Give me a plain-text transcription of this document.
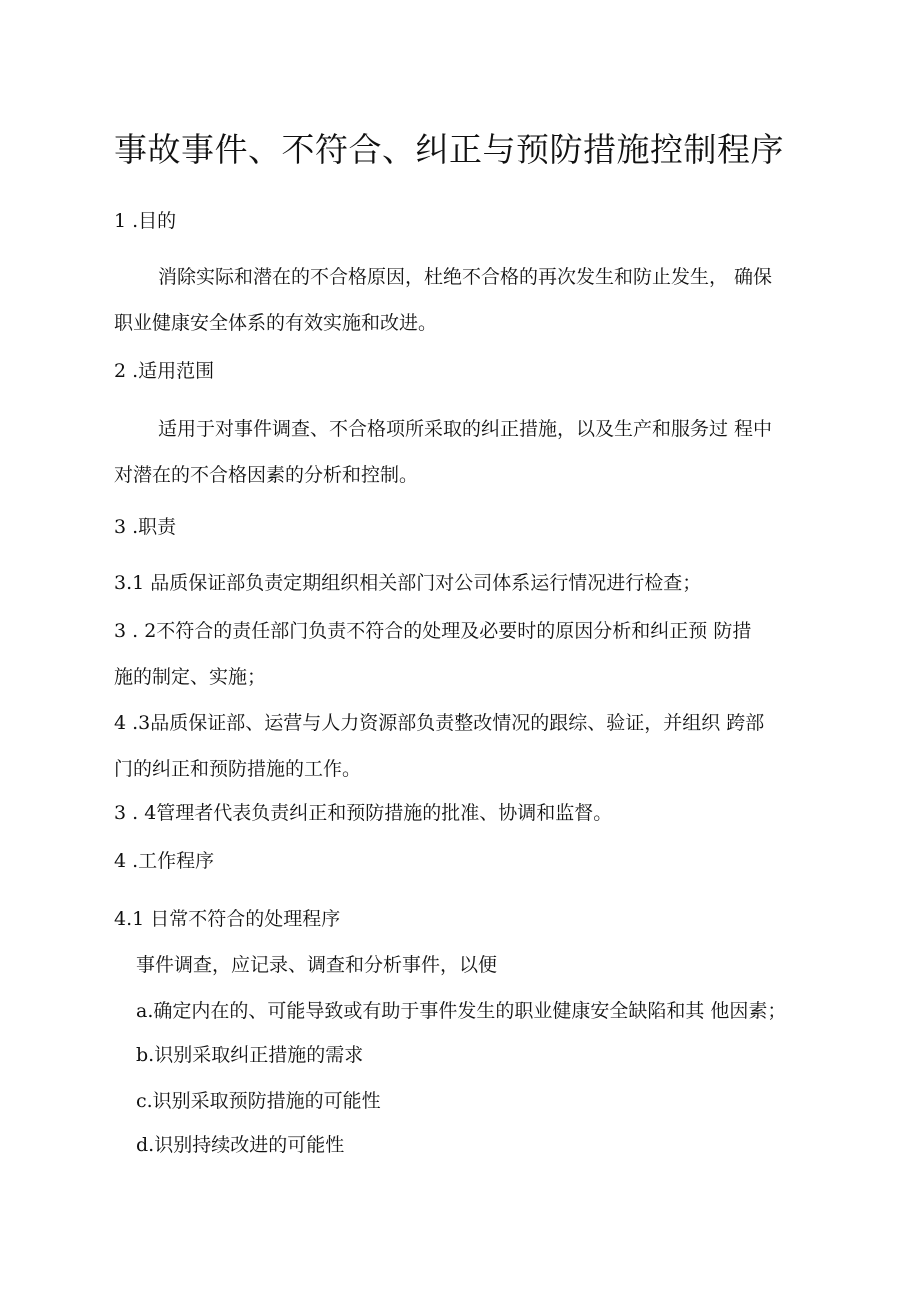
事故事件、不符合、纠正与预防措施控制程序

1 .目的

消除实际和潜在的不合格原因，杜绝不合格的再次发生和防止发生， 确保

职业健康安全体系的有效实施和改进。

2 .适用范围

适用于对事件调查、不合格项所采取的纠正措施，以及生产和服务过 程中

对潜在的不合格因素的分析和控制。

3 .职责

3.1 品质保证部负责定期组织相关部门对公司体系运行情况进行检查；

3 . 2不符合的责任部门负责不符合的处理及必要时的原因分析和纠正预 防措

施的制定、实施；

4 .3品质保证部、运营与人力资源部负责整改情况的跟综、验证，并组织 跨部

门的纠正和预防措施的工作。

3 . 4管理者代表负责纠正和预防措施的批准、协调和监督。

4 .工作程序

4.1 日常不符合的处理程序

事件调查，应记录、调查和分析事件，以便

a.确定内在的、可能导致或有助于事件发生的职业健康安全缺陷和其 他因素；

b.识别采取纠正措施的需求

c.识别采取预防措施的可能性

d.识别持续改进的可能性
